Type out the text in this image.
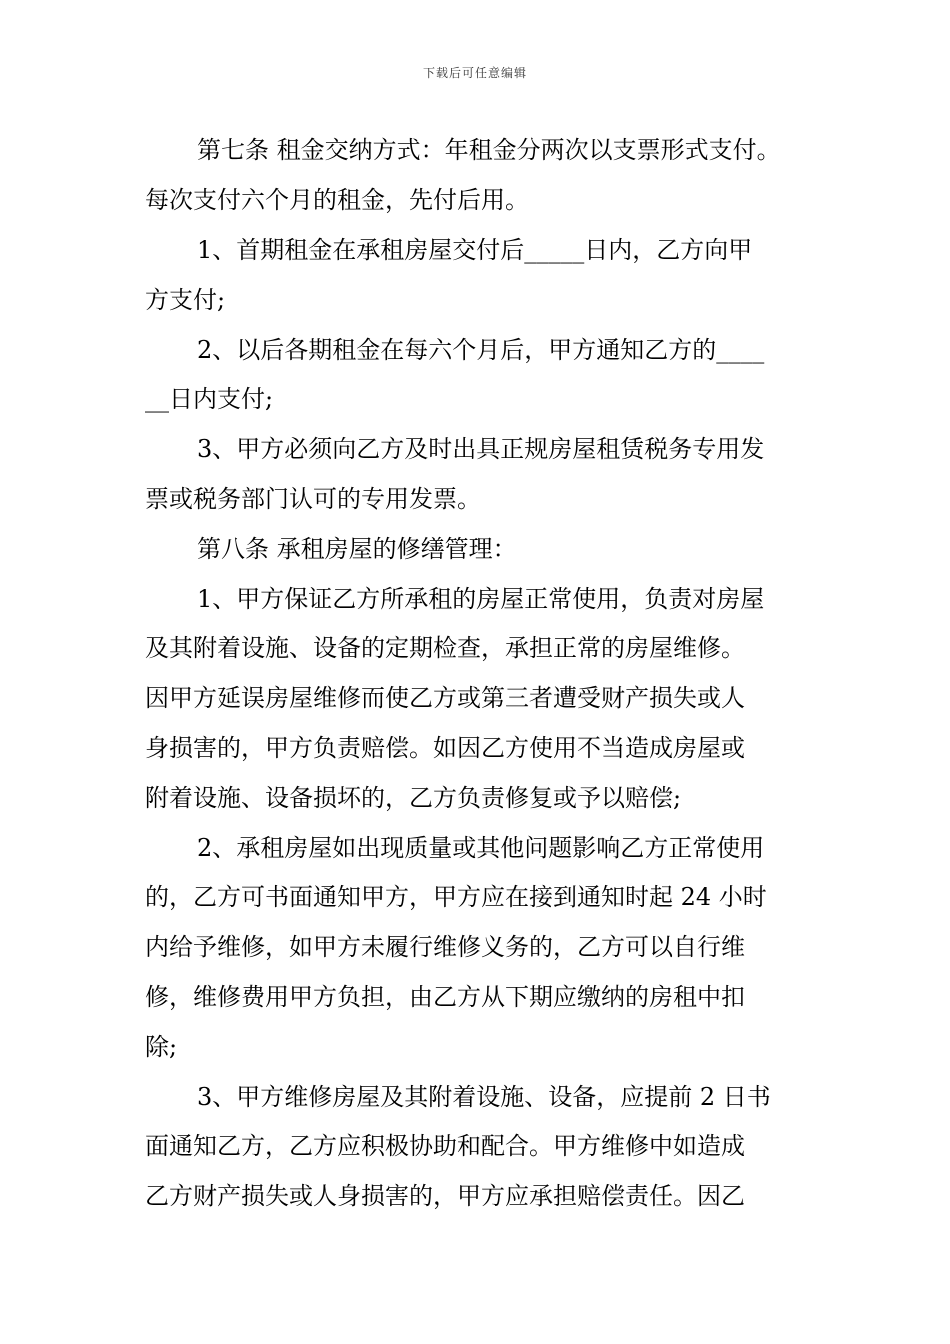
下载后可任意编辑
第七条 租金交纳方式：年租金分两次以支票形式支付。
每次支付六个月的租金，先付后用。
1、首期租金在承租房屋交付后_____日内，乙方向甲
方支付;
2、以后各期租金在每六个月后，甲方通知乙方的____
__日内支付;
3、甲方必须向乙方及时出具正规房屋租赁税务专用发
票或税务部门认可的专用发票。
第八条 承租房屋的修缮管理：
1、甲方保证乙方所承租的房屋正常使用，负责对房屋
及其附着设施、设备的定期检查，承担正常的房屋维修。
因甲方延误房屋维修而使乙方或第三者遭受财产损失或人
身损害的，甲方负责赔偿。如因乙方使用不当造成房屋或
附着设施、设备损坏的，乙方负责修复或予以赔偿;
2、承租房屋如出现质量或其他问题影响乙方正常使用
的，乙方可书面通知甲方，甲方应在接到通知时起 24 小时
内给予维修，如甲方未履行维修义务的，乙方可以自行维
修，维修费用甲方负担，由乙方从下期应缴纳的房租中扣
除;
3、甲方维修房屋及其附着设施、设备，应提前 2 日书
面通知乙方，乙方应积极协助和配合。甲方维修中如造成
乙方财产损失或人身损害的，甲方应承担赔偿责任。因乙
